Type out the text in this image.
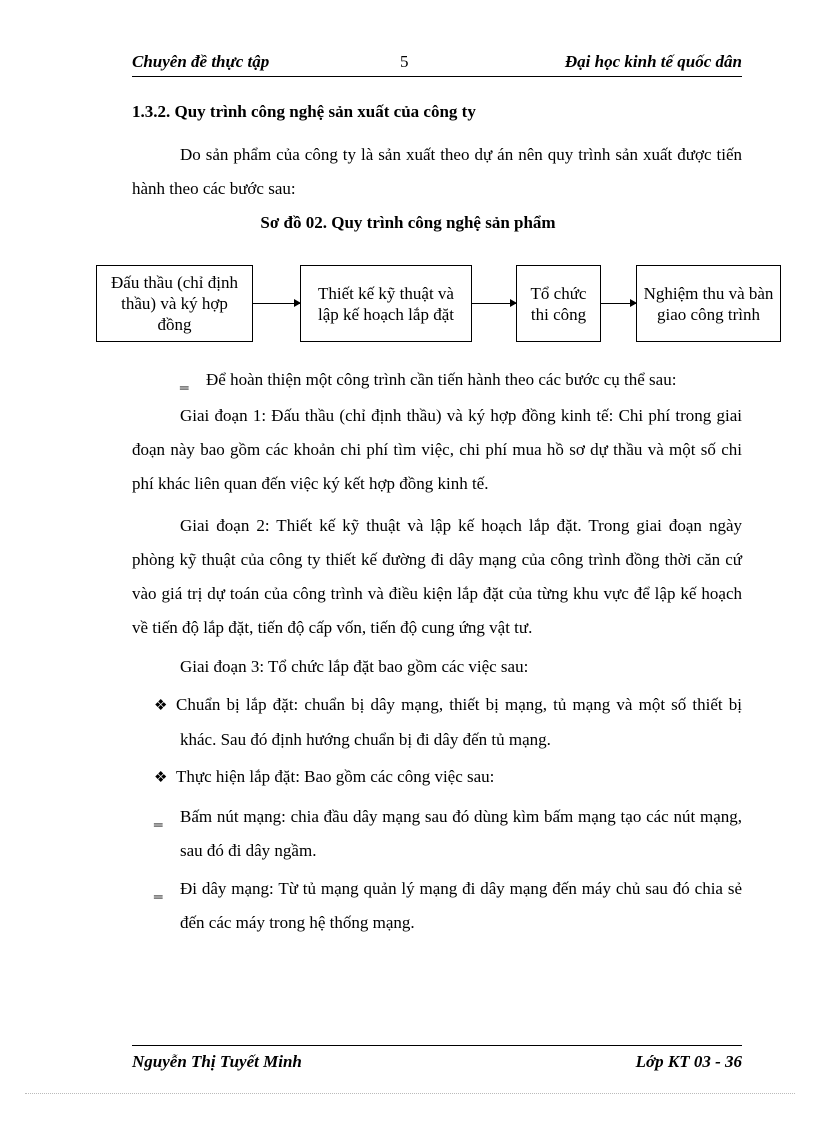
Chuyên đề thực tập	5	Đại học kinh tế quốc dân
1.3.2. Quy trình công nghệ sản xuất của công ty
Do sản phẩm của công ty là sản xuất theo dự án nên quy trình sản xuất được tiến hành theo các bước sau:
Sơ đồ 02. Quy trình công nghệ sản phẩm
Đấu thầu (chỉ định thầu) và ký hợp đồng
Thiết kế kỹ thuật và lập kế hoạch lắp đặt
Tổ chức thi công
Nghiệm thu và bàn giao công trình
‗ Để hoàn thiện một công trình cần tiến hành theo các bước cụ thể sau:
Giai đoạn 1: Đấu thầu (chỉ định thầu) và ký hợp đồng kinh tế: Chi phí trong giai đoạn này bao gồm các khoản chi phí tìm việc, chi phí mua hồ sơ dự thầu và một số chi phí khác liên quan đến việc ký kết hợp đồng kinh tế.
Giai đoạn 2: Thiết kế kỹ thuật và lập kế hoạch lắp đặt. Trong giai đoạn ngày phòng kỹ thuật của công ty thiết kế đường đi dây mạng của công trình đồng thời căn cứ vào giá trị dự toán của công trình và điều kiện lắp đặt của từng khu vực để lập kế hoạch về tiến độ lắp đặt, tiến độ cấp vốn, tiến độ cung ứng vật tư.
Giai đoạn 3: Tổ chức lắp đặt bao gồm các việc sau:
❖ Chuẩn bị lắp đặt: chuẩn bị dây mạng, thiết bị mạng, tủ mạng và một số thiết bị khác. Sau đó định hướng chuẩn bị đi dây đến tủ mạng.
❖ Thực hiện lắp đặt: Bao gồm các công việc sau:
‗ Bấm nút mạng: chia đầu dây mạng sau đó dùng kìm bấm mạng tạo các nút mạng, sau đó đi dây ngầm.
‗ Đi dây mạng: Từ tủ mạng quản lý mạng đi dây mạng đến máy chủ sau đó chia sẻ đến các máy trong hệ thống mạng.
Nguyễn Thị Tuyết Minh	Lớp KT 03 - 36
